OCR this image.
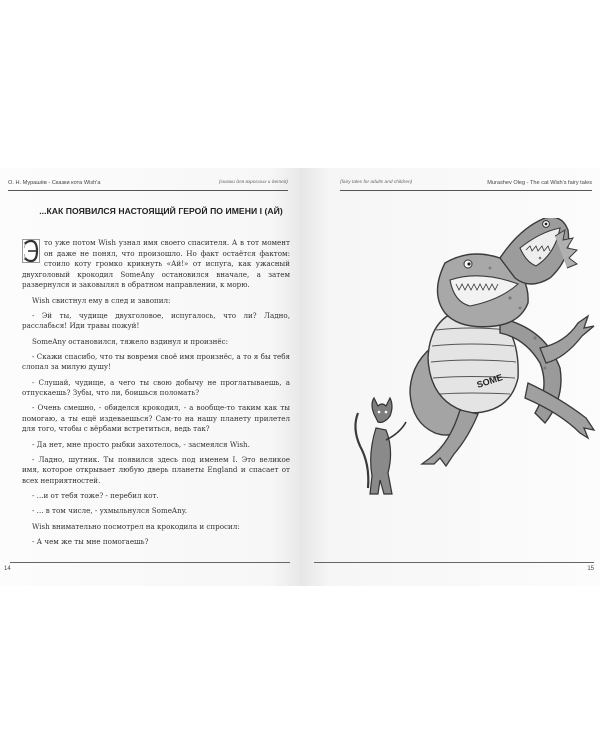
О. Н. Мурашëв - Сказки кота Wish'а	(сказки для взрослых и детей)
...КАК ПОЯВИЛСЯ НАСТОЯЩИЙ ГЕРОЙ ПО ИМЕНИ I (АЙ)

то уже потом Wish узнал имя своего спасителя. А в тот момент он даже не понял, что произошло. Но факт остаётся фактом: стоило коту громко крикнуть «Ай!» от испуга, как ужасный двухголовый крокодил SomeAny остановился вначале, а затем развернулся и заковылял в обратном направлении, к морю.

Wish свистнул ему в след и завопил:

- Эй ты, чудище двухголовое, испугалось, что ли? Ладно, расслабься! Иди травы пожуй!

SomeAny остановился, тяжело вздинул и произнёс:

- Скажи спасибо, что ты вовремя своё имя произнёс, а то я бы тебя слопал за милую душу!

- Слушай, чудище, а чего ты свою добычу не проглатываешь, а отпускаешь? Зубы, что ли, боишься поломать?

- Очень смешно, - обиделся крокодил, - а вообще-то таким как ты помогаю, а ты ещё издеваешься? Сам-то на нашу планету прилетел для того, чтобы с вёрбами встретиться, ведь так?

- Да нет, мне просто рыбки захотелось, - засмеялся Wish.

- Ладно, шутник. Ты появился здесь под именем I. Это великое имя, которое открывает любую дверь планеты England и спасает от всех неприятностей.

- ...и от тебя тоже? - перебил кот.

- ... в том числе, - ухмыльнулся SomeAny.

Wish внимательно посмотрел на крокодила и спросил:

- А чем же ты мне помогаешь?

14
(fairy tales for adults and children)	Murashev Oleg - The cat Wish's fairy tales
SOME
15
